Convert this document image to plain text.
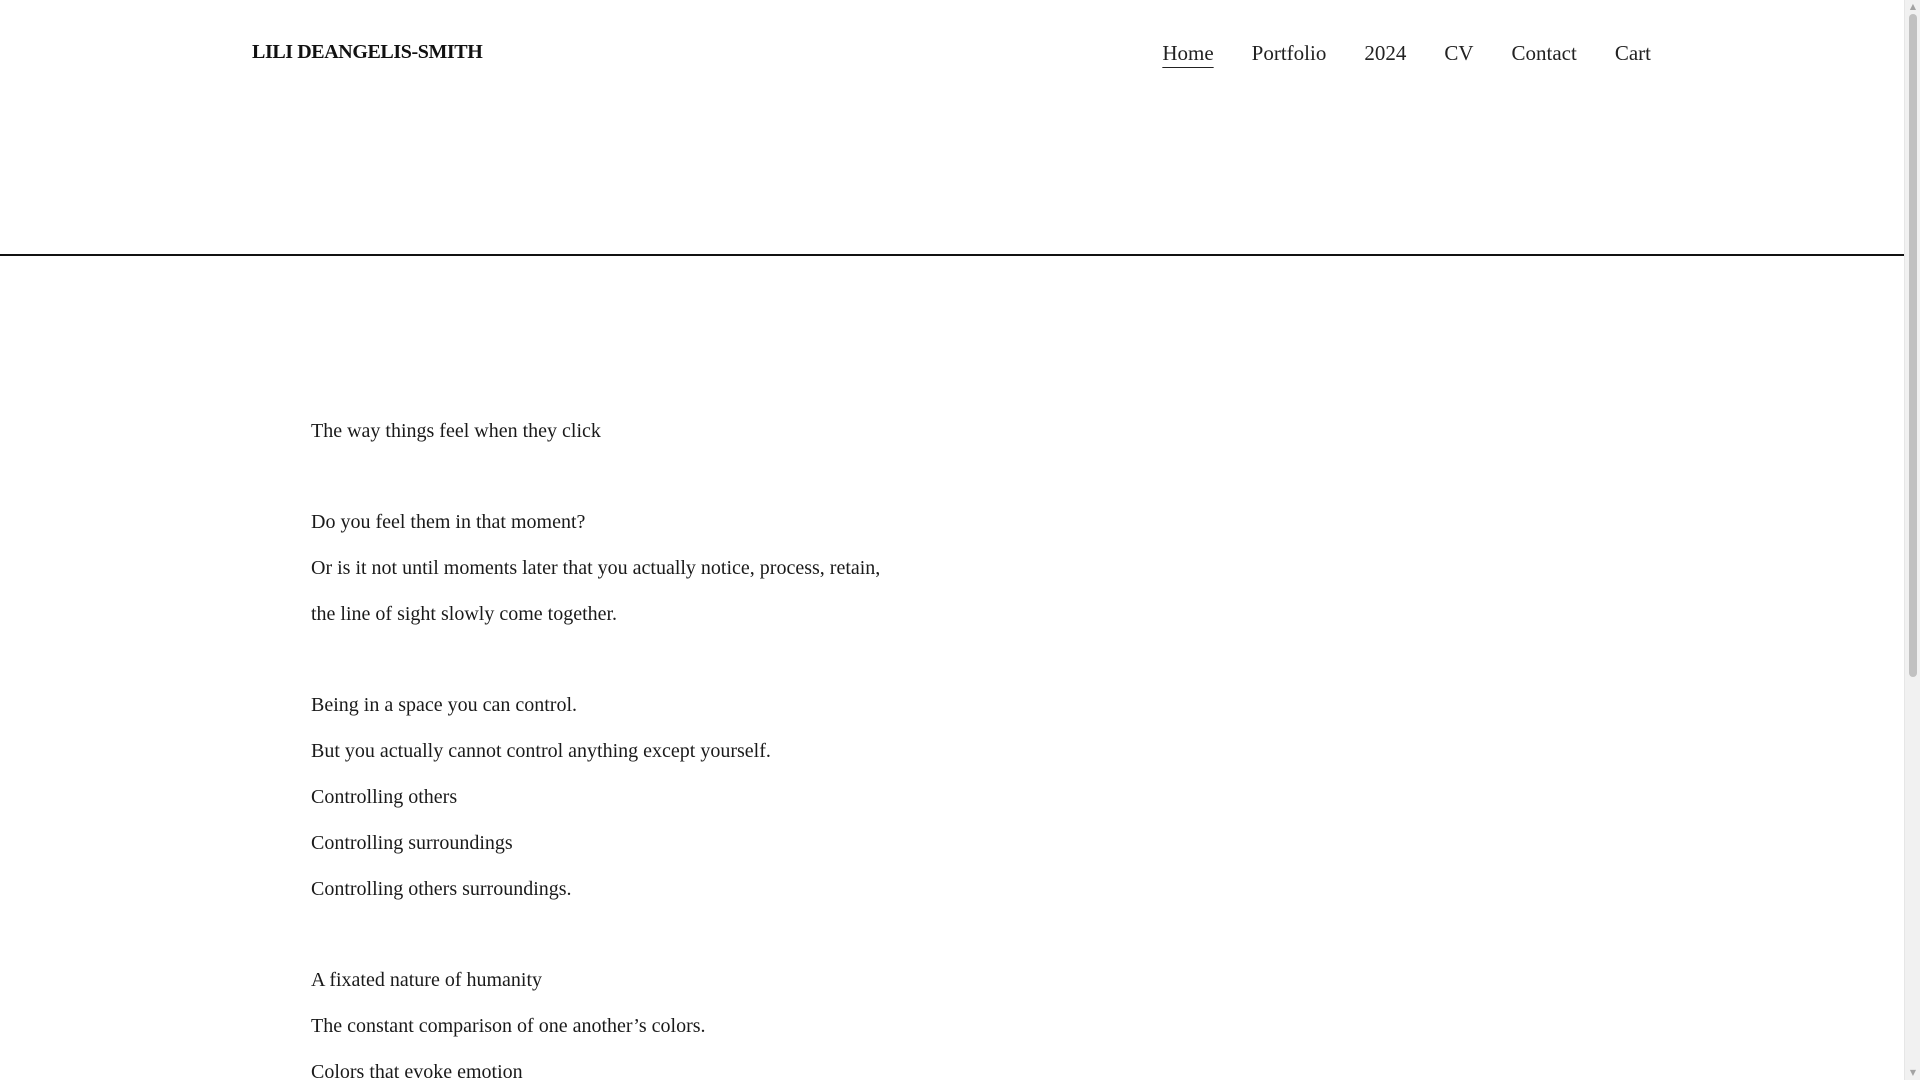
LILI DEANGELIS-SMITH	Home Portfolio 2024 CV Contact Cart

The way things feel when they click

Do you feel them in that moment?

Or is it not until moments later that you actually notice, process, retain,

the line of sight slowly come together.

Being in a space you can control.

But you actually cannot control anything except yourself.

Controlling others

Controlling surroundings

Controlling others surroundings.

A fixated nature of humanity

The constant comparison of one another’s colors.

Colors that evoke emotion

▲
▼
